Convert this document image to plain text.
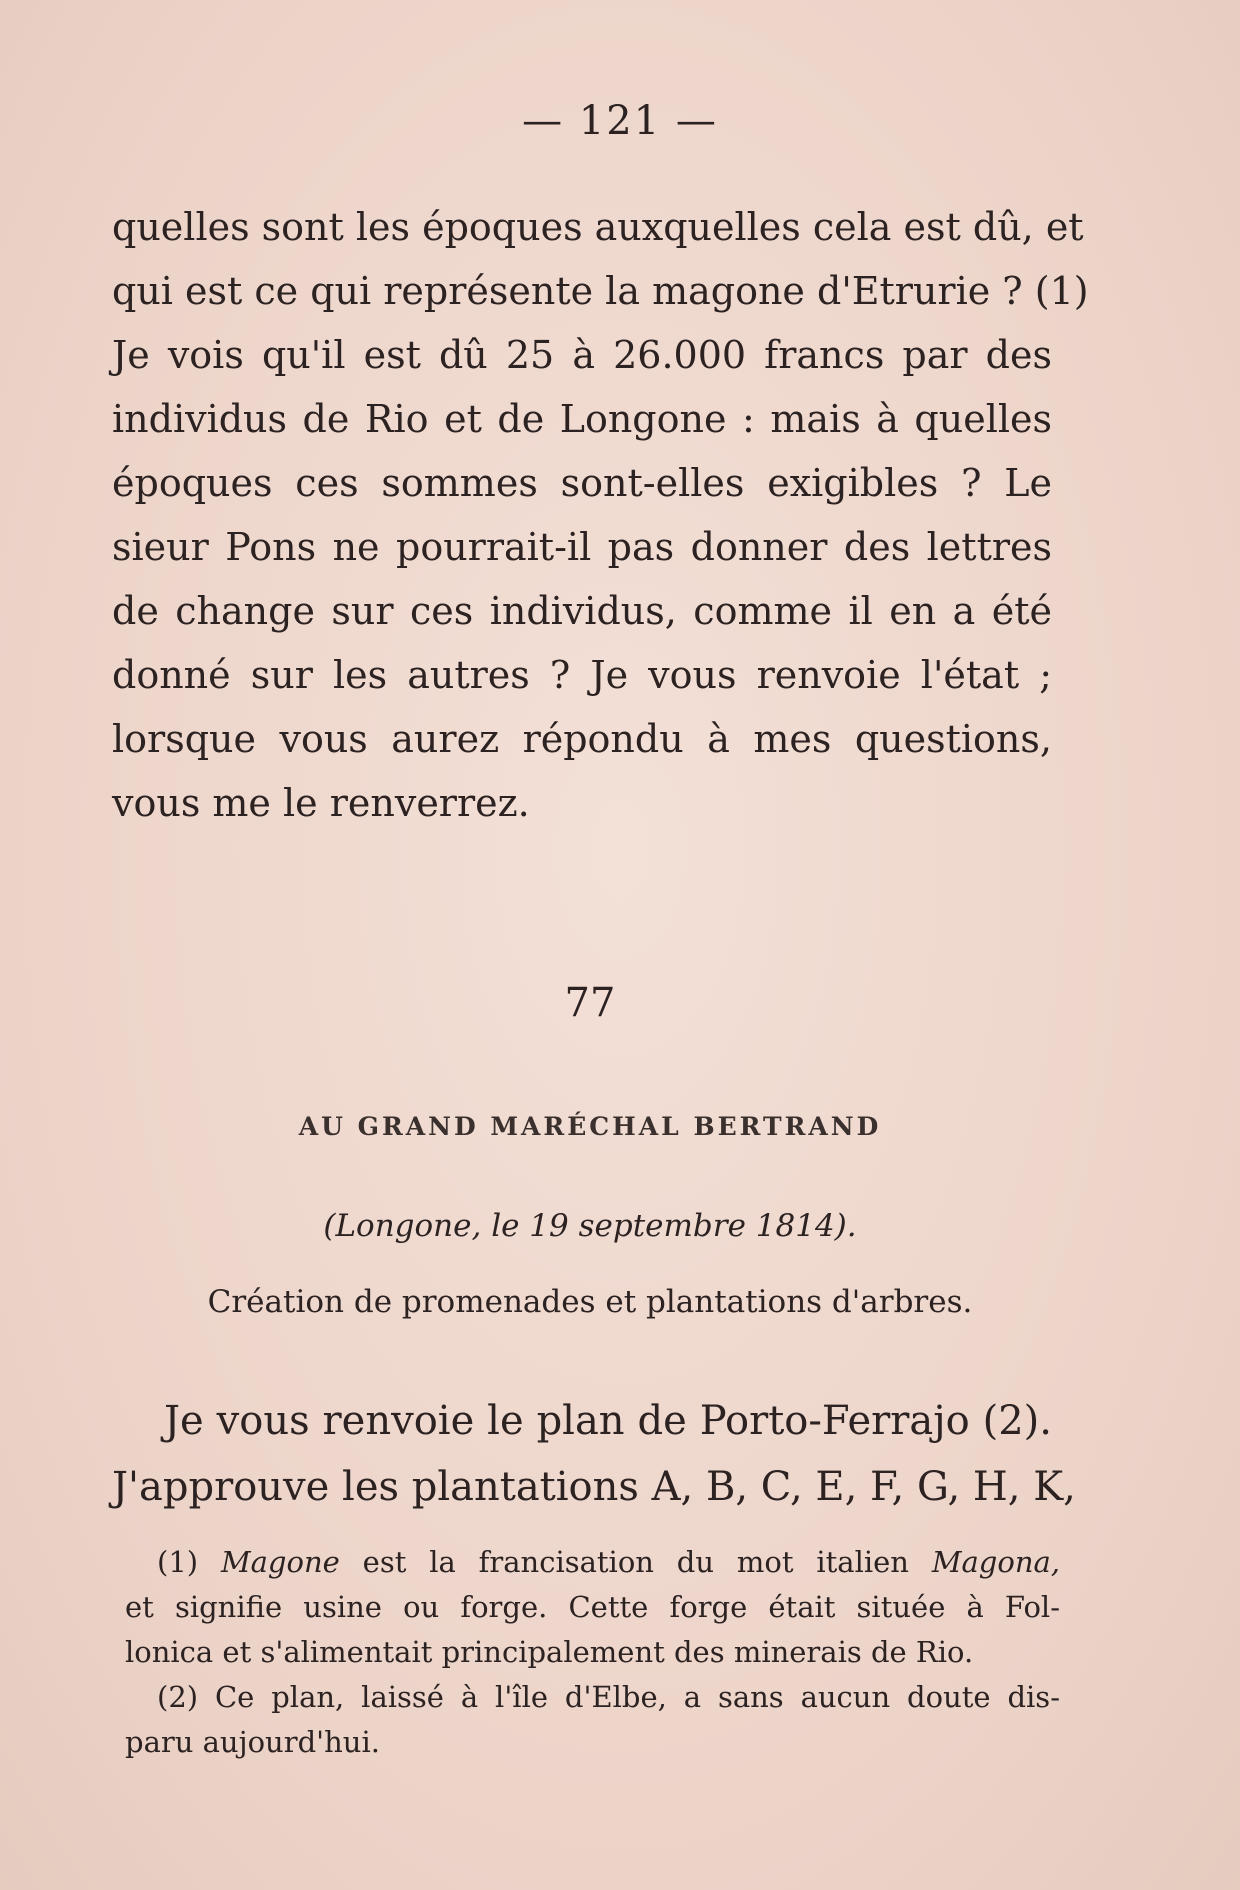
— 121 —
quelles sont les époques auxquelles cela est dû, et
qui est ce qui représente la magone d'Etrurie ? (1)
Je vois qu'il est dû 25 à 26.000 francs par des
individus de Rio et de Longone : mais à quelles
époques ces sommes sont-elles exigibles ? Le
sieur Pons ne pourrait-il pas donner des lettres
de change sur ces individus, comme il en a été
donné sur les autres ? Je vous renvoie l'état ;
lorsque vous aurez répondu à mes questions,
vous me le renverrez.
77
AU GRAND MARÉCHAL BERTRAND
(Longone, le 19 septembre 1814).
Création de promenades et plantations d'arbres.
Je vous renvoie le plan de Porto-Ferrajo (2).
J'approuve les plantations A, B, C, E, F, G, H, K,
(1) Magone est la francisation du mot italien Magona,
et signifie usine ou forge. Cette forge était située à Fol-
lonica et s'alimentait principalement des minerais de Rio.
(2) Ce plan, laissé à l'île d'Elbe, a sans aucun doute dis-
paru aujourd'hui.
